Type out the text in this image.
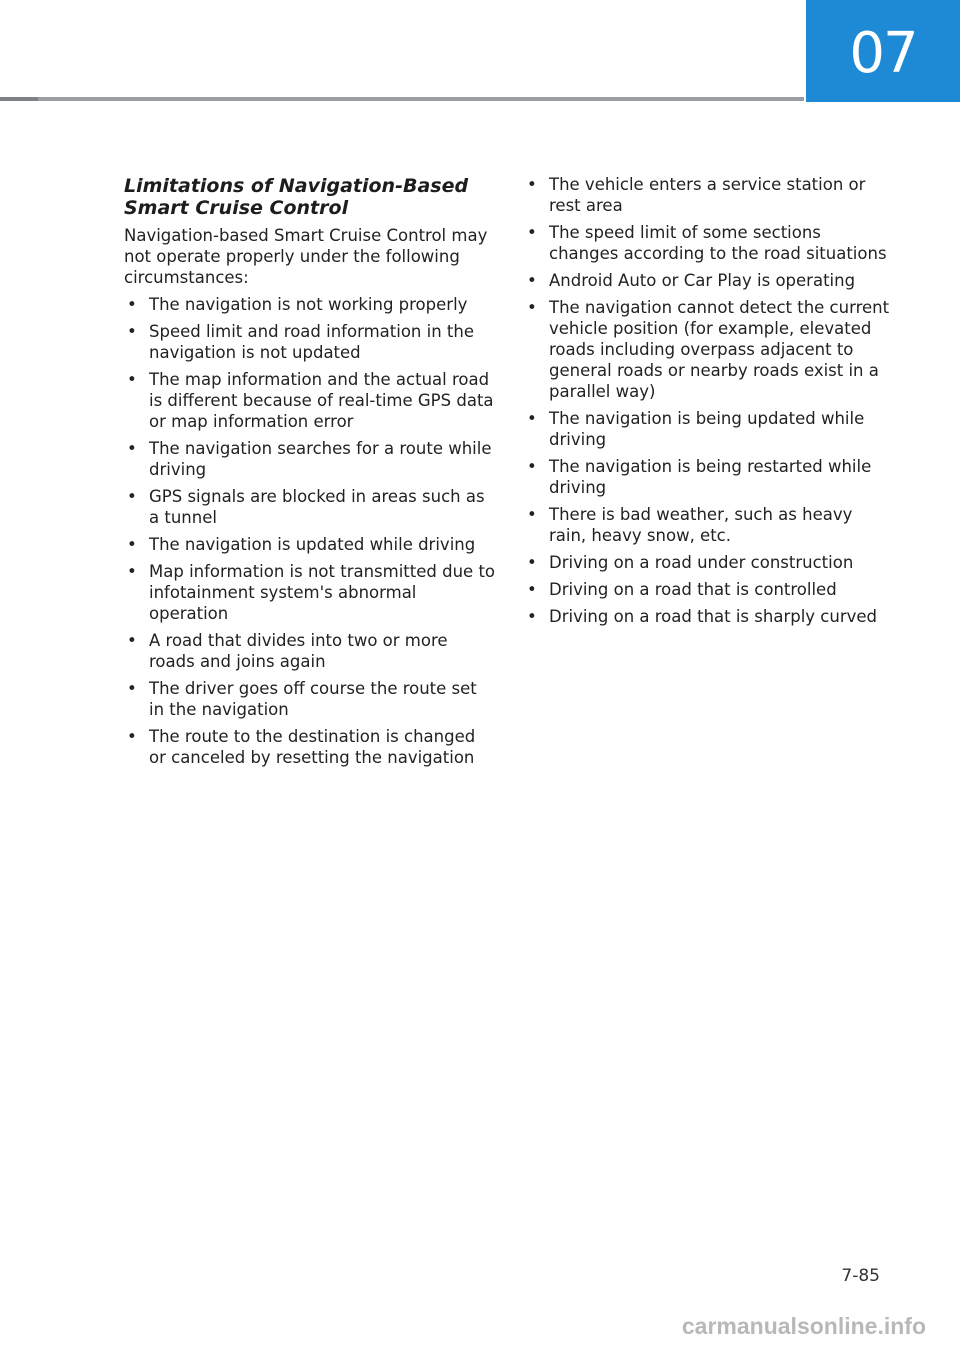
07
Limitations of Navigation-Based Smart Cruise Control

Navigation-based Smart Cruise Control may not operate properly under the following circumstances:

• The navigation is not working properly
• Speed limit and road information in the navigation is not updated
• The map information and the actual road is different because of real-time GPS data or map information error
• The navigation searches for a route while driving
• GPS signals are blocked in areas such as a tunnel
• The navigation is updated while driving
• Map information is not transmitted due to infotainment system's abnormal operation
• A road that divides into two or more roads and joins again
• The driver goes off course the route set in the navigation
• The route to the destination is changed or canceled by resetting the navigation
• The vehicle enters a service station or rest area
• The speed limit of some sections changes according to the road situations
• Android Auto or Car Play is operating
• The navigation cannot detect the current vehicle position (for example, elevated roads including overpass adjacent to general roads or nearby roads exist in a parallel way)
• The navigation is being updated while driving
• The navigation is being restarted while driving
• There is bad weather, such as heavy rain, heavy snow, etc.
• Driving on a road under construction
• Driving on a road that is controlled
• Driving on a road that is sharply curved
7-85
carmanualsonline.info
